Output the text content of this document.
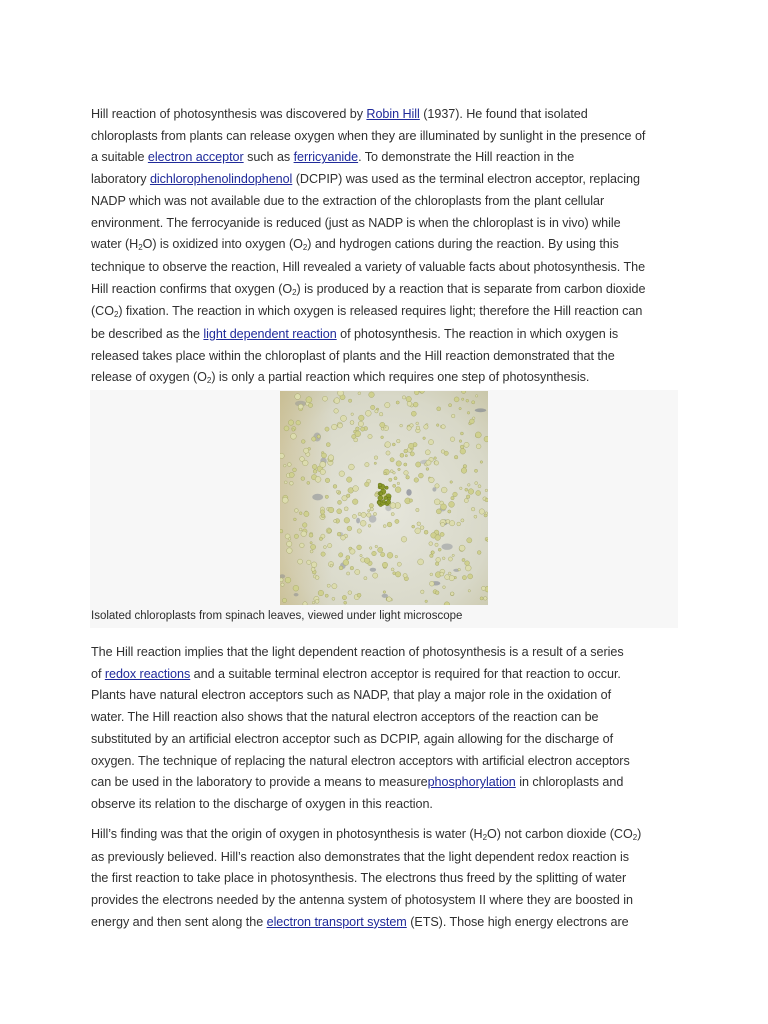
Hill reaction of photosynthesis was discovered by Robin Hill (1937). He found that isolated
chloroplasts from plants can release oxygen when they are illuminated by sunlight in the presence of
a suitable electron acceptor such as ferricyanide. To demonstrate the Hill reaction in the
laboratory dichlorophenolindophenol (DCPIP) was used as the terminal electron acceptor, replacing
NADP which was not available due to the extraction of the chloroplasts from the plant cellular
environment. The ferrocyanide is reduced (just as NADP is when the chloroplast is in vivo) while
water $(H_2O)$ is oxidized into oxygen $(O_2)$ and hydrogen cations during the reaction. By using this
technique to observe the reaction, Hill revealed a variety of valuable facts about photosynthesis. The
Hill reaction confirms that oxygen $(O_2)$ is produced by a reaction that is separate from carbon dioxide
$(CO_2)$ fixation. The reaction in which oxygen is released requires light; therefore the Hill reaction can
be described as the light dependent reaction of photosynthesis. The reaction in which oxygen is
released takes place within the chloroplast of plants and the Hill reaction demonstrated that the
release of oxygen $(O_2)$ is only a partial reaction which requires one step of photosynthesis.

Isolated chloroplasts from spinach leaves, viewed under light microscope

The Hill reaction implies that the light dependent reaction of photosynthesis is a result of a series
of redox reactions and a suitable terminal electron acceptor is required for that reaction to occur.
Plants have natural electron acceptors such as NADP, that play a major role in the oxidation of
water. The Hill reaction also shows that the natural electron acceptors of the reaction can be
substituted by an artificial electron acceptor such as DCPIP, again allowing for the discharge of
oxygen. The technique of replacing the natural electron acceptors with artificial electron acceptors
can be used in the laboratory to provide a means to measurephosphorylation in chloroplasts and
observe its relation to the discharge of oxygen in this reaction.

Hill’s finding was that the origin of oxygen in photosynthesis is water $(H_2O)$ not carbon dioxide $(CO_2)$
as previously believed. Hill’s reaction also demonstrates that the light dependent redox reaction is
the first reaction to take place in photosynthesis. The electrons thus freed by the splitting of water
provides the electrons needed by the antenna system of photosystem II where they are boosted in
energy and then sent along the electron transport system (ETS). Those high energy electrons are
